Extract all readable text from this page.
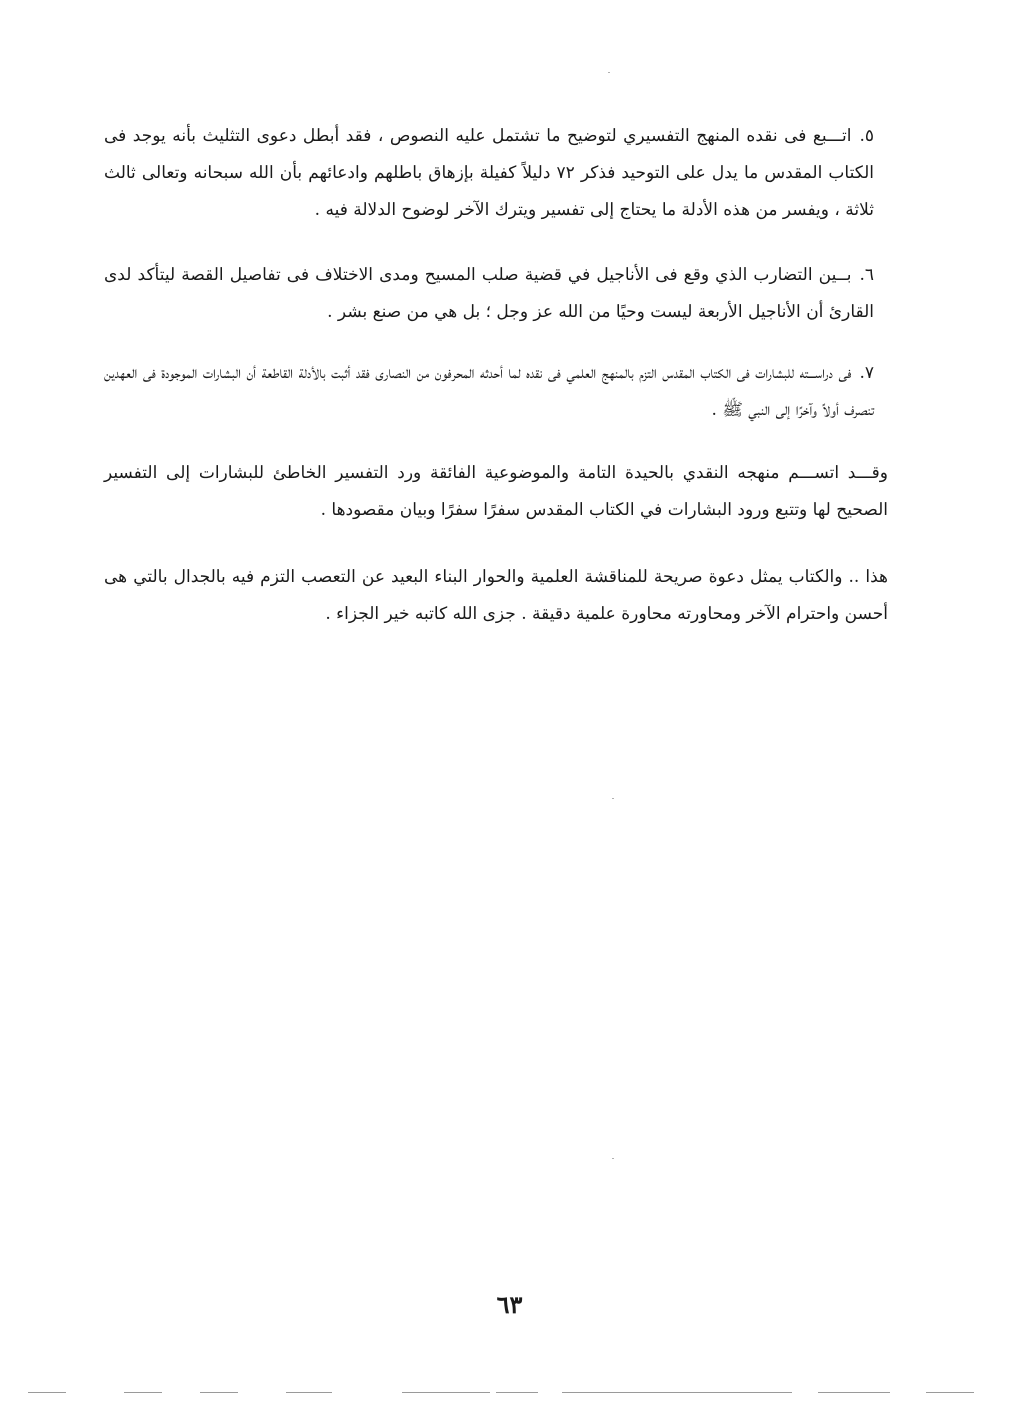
٥.اتـــبع فى نقده المنهج التفسيري لتوضيح ما تشتمل عليه النصوص ، فقد أبطل دعوى التثليث بأنه يوجد فى الكتاب المقدس ما يدل على التوحيد فذكر ٧٢ دليلاً كفيلة بإزهاق باطلهم وادعائهم بأن الله سبحانه وتعالى ثالث ثلاثة ، ويفسر من هذه الأدلة ما يحتاج إلى تفسير ويترك الآخر لوضوح الدلالة فيه .

٦.بــين التضارب الذي وقع فى الأناجيل في قضية صلب المسيح ومدى الاختلاف فى تفاصيل القصة ليتأكد لدى القارئ أن الأناجيل الأربعة ليست وحيًا من الله عز وجل ؛ بل هي من صنع بشر .

٧.فى دراســـته للبشارات فى الكتاب المقدس التزم بالمنهج العلمي فى نقده لما أحدثه المحرفون من النصارى فقد أثبت بالأدلة القاطعة أن البشارات الموجودة فى العهدين تنصرف أولاً وآخرًا إلى النبي ﷺ .

وقـــد اتســـم منهجه النقدي بالحيدة التامة والموضوعية الفائقة ورد التفسير الخاطئ للبشارات إلى التفسير الصحيح لها وتتبع ورود البشارات في الكتاب المقدس سفرًا سفرًا وبيان مقصودها .

هذا .. والكتاب يمثل دعوة صريحة للمناقشة العلمية والحوار البناء البعيد عن التعصب التزم فيه بالجدال بالتي هى أحسن واحترام الآخر ومحاورته محاورة علمية دقيقة . جزى الله كاتبه خير الجزاء .

٦٣
